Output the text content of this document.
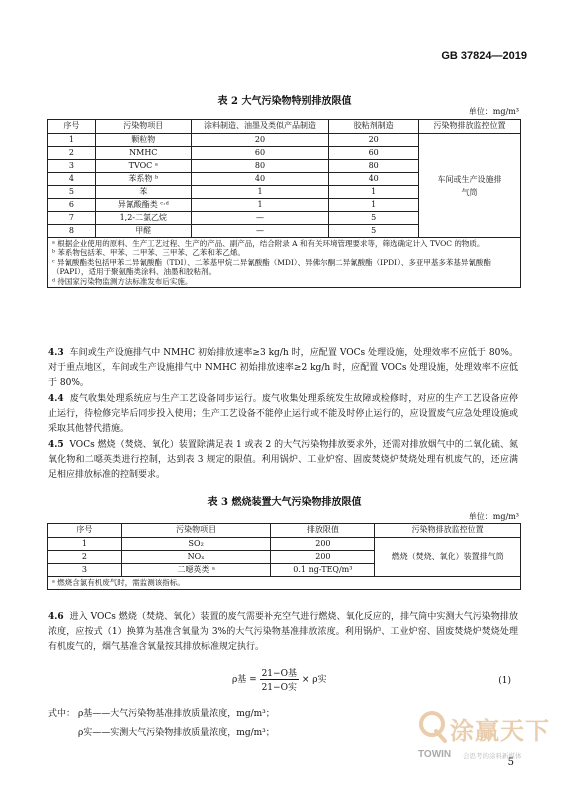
GB 37824—2019
表 2 大气污染物特别排放限值
单位：mg/m³
序号	污染物项目	涂料制造、油墨及类似产品制造	胶粘剂制造	污染物排放监控位置
1	颗粒物	20	20	车间或生产设施排气筒
2	NMHC	60	60	
3	TVOC ᵃ	80	80	
4	苯系物 ᵇ	40	40	
5	苯	1	1	
6	异氰酸酯类 ᶜ·ᵈ	1	1	
7	1,2-二氯乙烷	—	5	
8	甲醛	—	5	

ᵃ 根据企业使用的原料、生产工艺过程、生产的产品、副产品，结合附录 A 和有关环境管理要求等，筛选确定计入 TVOC 的物质。
ᵇ 苯系物包括苯、甲苯、二甲苯、三甲苯、乙苯和苯乙烯。
ᶜ 异氰酸酯类包括甲苯二异氰酸酯（TDI）、二苯基甲烷二异氰酸酯（MDI）、异佛尔酮二异氰酸酯（IPDI）、多亚甲基多苯基异氰酸酯（PAPI），适用于聚氨酯类涂料、油墨和胶粘剂。
ᵈ 待国家污染物监测方法标准发布后实施。				
4.3 车间或生产设施排气中 NMHC 初始排放速率≥3 kg/h 时，应配置 VOCs 处理设施，处理效率不应低于 80%。对于重点地区，车间或生产设施排气中 NMHC 初始排放速率≥2 kg/h 时，应配置 VOCs 处理设施，处理效率不应低于 80%。
4.4 废气收集处理系统应与生产工艺设备同步运行。废气收集处理系统发生故障或检修时，对应的生产工艺设备应停止运行，待检修完毕后同步投入使用；生产工艺设备不能停止运行或不能及时停止运行的，应设置废气应急处理设施或采取其他替代措施。
4.5 VOCs 燃烧（焚烧、氧化）装置除满足表 1 或表 2 的大气污染物排放要求外，还需对排放烟气中的二氧化硫、氮氧化物和二噁英类进行控制，达到表 3 规定的限值。利用锅炉、工业炉窑、固废焚烧炉焚烧处理有机废气的，还应满足相应排放标准的控制要求。
表 3 燃烧装置大气污染物排放限值
单位：mg/m³
序号	污染物项目	排放限值	污染物排放监控位置
1	SO₂	200	燃烧（焚烧、氧化）装置排气筒
2	NOₓ	200	
3	二噁英类 ᵃ	0.1 ng-TEQ/m³	
ᵃ 燃烧含氯有机废气时，需监测该指标。			
4.6 进入 VOCs 燃烧（焚烧、氧化）装置的废气需要补充空气进行燃烧、氧化反应的，排气筒中实测大气污染物排放浓度，应按式（1）换算为基准含氧量为 3%的大气污染物基准排放浓度。利用锅炉、工业炉窑、固废焚烧炉焚烧处理有机废气的，烟气基准含氧量按其排放标准规定执行。
ρ基 = $\frac{\text{21−O基}}{\text{21−O实}} \times \rho$实	(1)
式中： ρ基——大气污染物基准排放质量浓度，mg/m³；
ρ实——实测大气污染物排放质量浓度，mg/m³；
5
涂赢天下
TOWIN 会思考的涂料新媒体
